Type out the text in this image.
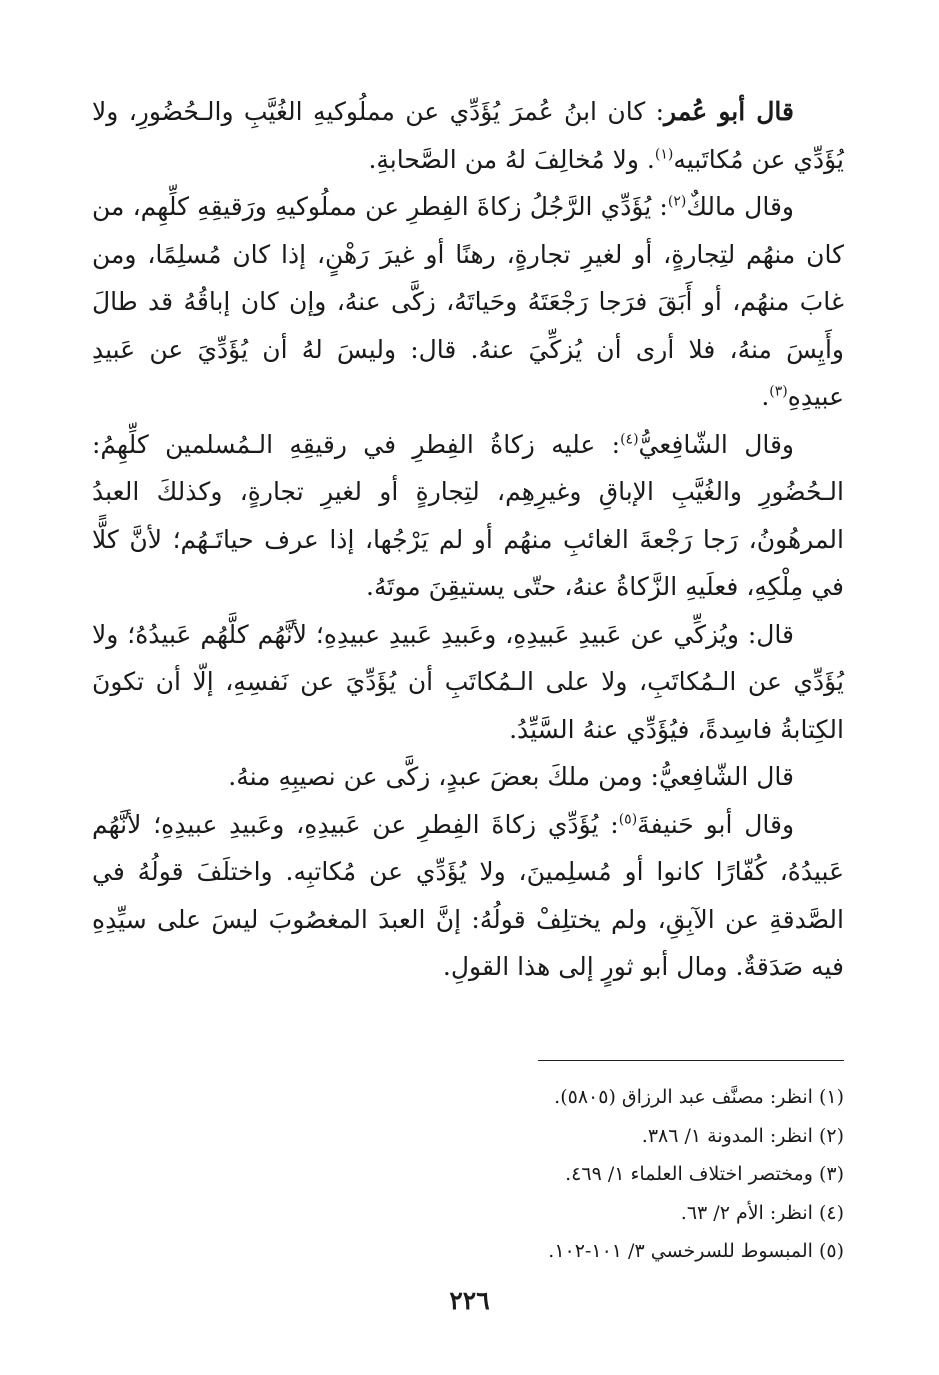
قال أبو عُمر: كان ابنُ عُمرَ يُؤَدِّي عن مملُوكيهِ الغُيَّبِ والـحُضُورِ، ولا يُؤَدِّي عن مُكاتَبيه$^{(١)}$. ولا مُخالِفَ لهُ من الصَّحابةِ.

وقال مالكٌ$^{(٢)}$: يُؤَدِّي الرَّجُلُ زكاةَ الفِطرِ عن مملُوكيهِ ورَقيقِهِ كلِّهِم، من كان منهُم لتِجارةٍ، أو لغيرِ تجارةٍ، رهنًا أو غيرَ رَهْنٍ، إذا كان مُسلِمًا، ومن غابَ منهُم، أو أَبَقَ فرَجا رَجْعَتَهُ وحَياتَهُ، زكَّى عنهُ، وإن كان إباقُهُ قد طالَ وأَيِسَ منهُ، فلا أرى أن يُزكِّيَ عنهُ. قال: وليسَ لهُ أن يُؤَدِّيَ عن عَبيدِ عبيدِهِ$^{(٣)}$.

وقال الشّافِعيُّ$^{(٤)}$: عليه زكاةُ الفِطرِ في رقيقِهِ الـمُسلمين كلِّهِمُ: الـحُضُورِ والغُيَّبِ الإباقِ وغيرِهِم، لتِجارةٍ أو لغيرِ تجارةٍ، وكذلكَ العبدُ المرهُونُ، رَجا رَجْعةَ الغائبِ منهُم أو لم يَرْجُها، إذا عرف حياتَـهُم؛ لأنَّ كلًّا في مِلْكِهِ، فعلَيهِ الزَّكاةُ عنهُ، حتّى يستيقِنَ موتَهُ.

قال: ويُزكِّي عن عَبيدِ عَبيدِهِ، وعَبيدِ عَبيدِ عبيدِهِ؛ لأنَّهُم كلَّهُم عَبيدُهُ؛ ولا يُؤَدِّي عن الـمُكاتَبِ، ولا على الـمُكاتَبِ أن يُؤَدِّيَ عن نَفسِهِ، إلّا أن تكونَ الكِتابةُ فاسِدةً، فيُؤَدِّي عنهُ السَّيِّدُ.

قال الشّافِعيُّ: ومن ملكَ بعضَ عبدٍ، زكَّى عن نصيبِهِ منهُ.

وقال أبو حَنيفةَ$^{(٥)}$: يُؤَدِّي زكاةَ الفِطرِ عن عَبيدِهِ، وعَبيدِ عبيدِهِ؛ لأنَّهُم عَبيدُهُ، كُفّارًا كانوا أو مُسلِمينَ، ولا يُؤَدِّي عن مُكاتبِه. واختلَفَ قولُهُ في الصَّدقةِ عن الآبِقِ، ولم يختلِفْ قولُهُ: إنَّ العبدَ المغصُوبَ ليسَ على سيِّدِهِ فيه صَدَقةٌ. ومال أبو ثورٍ إلى هذا القولِ.

(١) انظر: مصنَّف عبد الرزاق (٥٨٠٥).

(٢) انظر: المدونة ١/ ٣٨٦.

(٣) ومختصر اختلاف العلماء ١/ ٤٦٩.

(٤) انظر: الأم ٢/ ٦٣.

(٥) المبسوط للسرخسي ٣/ ١٠١-١٠٢.

٢٢٦
